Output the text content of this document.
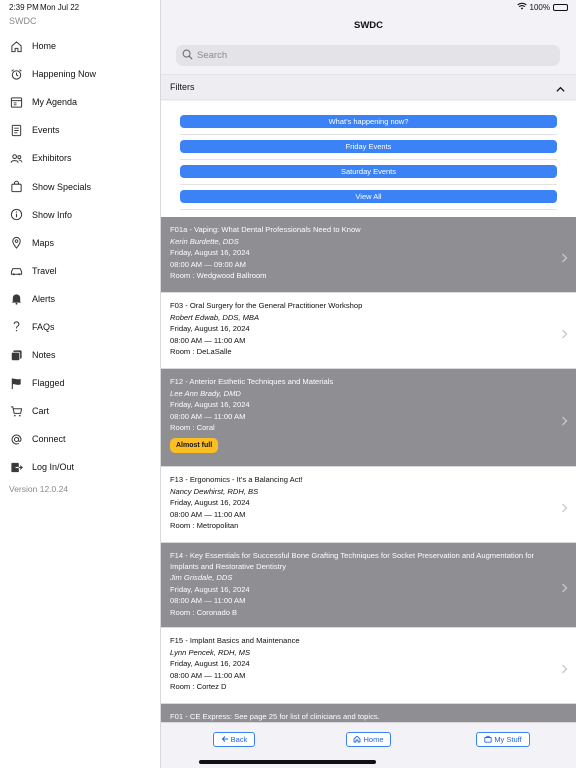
2:39 PM Mon Jul 22	100%
SWDC
Home
Happening Now
My Agenda
Events
Exhibitors
Show Specials
Show Info
Maps
Travel
Alerts
FAQs
Notes
Flagged
Cart
Connect
Log In/Out
Version 12.0.24
SWDC
Search
Filters
What's happening now?
Friday Events
Saturday Events
View All
F01a - Vaping: What Dental Professionals Need to Know
Kerin Burdette, DDS
Friday, August 16, 2024
08:00 AM — 09:00 AM
Room : Wedgwood Ballroom
F03 - Oral Surgery for the General Practitioner Workshop
Robert Edwab, DDS, MBA
Friday, August 16, 2024
08:00 AM — 11:00 AM
Room : DeLaSalle
F12 - Anterior Esthetic Techniques and Materials
Lee Ann Brady, DMD
Friday, August 16, 2024
08:00 AM — 11:00 AM
Room : Coral
Almost full
F13 - Ergonomics - It's a Balancing Act!
Nancy Dewhirst, RDH, BS
Friday, August 16, 2024
08:00 AM — 11:00 AM
Room : Metropolitan
F14 - Key Essentials for Successful Bone Grafting Techniques for Socket Preservation and Augmentation for Implants and Restorative Dentistry
Jim Grisdale, DDS
Friday, August 16, 2024
08:00 AM — 11:00 AM
Room : Coronado B
F15 - Implant Basics and Maintenance
Lynn Pencek, RDH, MS
Friday, August 16, 2024
08:00 AM — 11:00 AM
Room : Cortez D
F01 - CE Express: See page 25 for list of clinicians and topics.
Back	Home	My Stuff
